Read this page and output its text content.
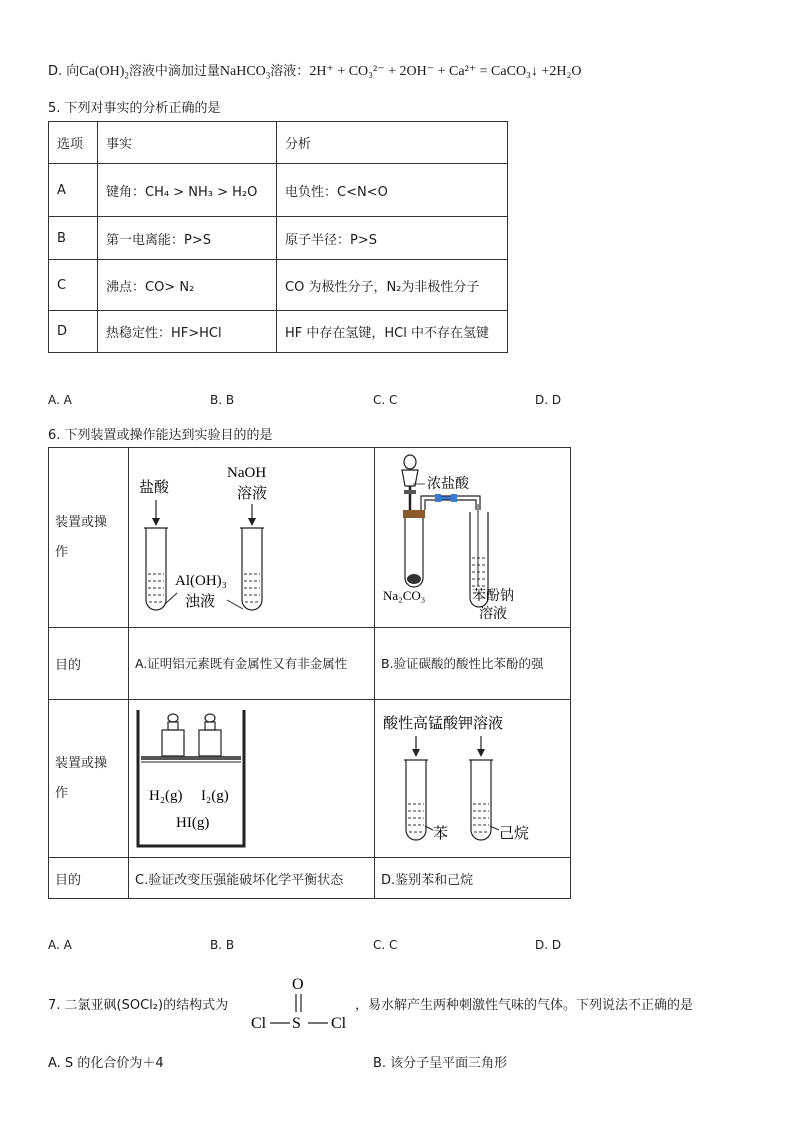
D. 向$Ca(OH)_2$溶液中滴加过量NaHCO$_3$溶液：2H⁺ + CO₃²⁻ + 2OH⁻ + Ca²⁺ = CaCO₃↓ +2H₂O
5. 下列对事实的分析正确的是
选项	事实	分析
A	键角：CH₄ > NH₃ > H₂O	电负性：C<N<O
B	第一电离能：P>S	原子半径：P>S
C	沸点：CO> N₂	CO 为极性分子，N₂为非极性分子
D	热稳定性：HF>HCl	HF 中存在氢键，HCl 中不存在氢键
A. A	B. B	C. C	D. D
6. 下列装置或操作能达到实验目的的是
装置或操作	盐酸
NaOH
溶液
Al(OH)₃
浊液	浓盐酸
Na₂CO₃ 苯酚钠
溶液

目的	A.证明铝元素既有金属性又有非金属性	B.验证碳酸的酸性比苯酚的强

装置或操作	H₂(g) I₂(g)
HI(g)	酸性高锰酸钾溶液
苯 己烷

目的	C.验证改变压强能破坏化学平衡状态	D.鉴别苯和己烷
A. A	B. B	C. C	D. D
7. 二氯亚砜(SOCl₂)的结构式为
O
Cl S Cl
，易水解产生两种刺激性气味的气体。下列说法不正确的是
A. S 的化合价为＋4	B. 该分子呈平面三角形
